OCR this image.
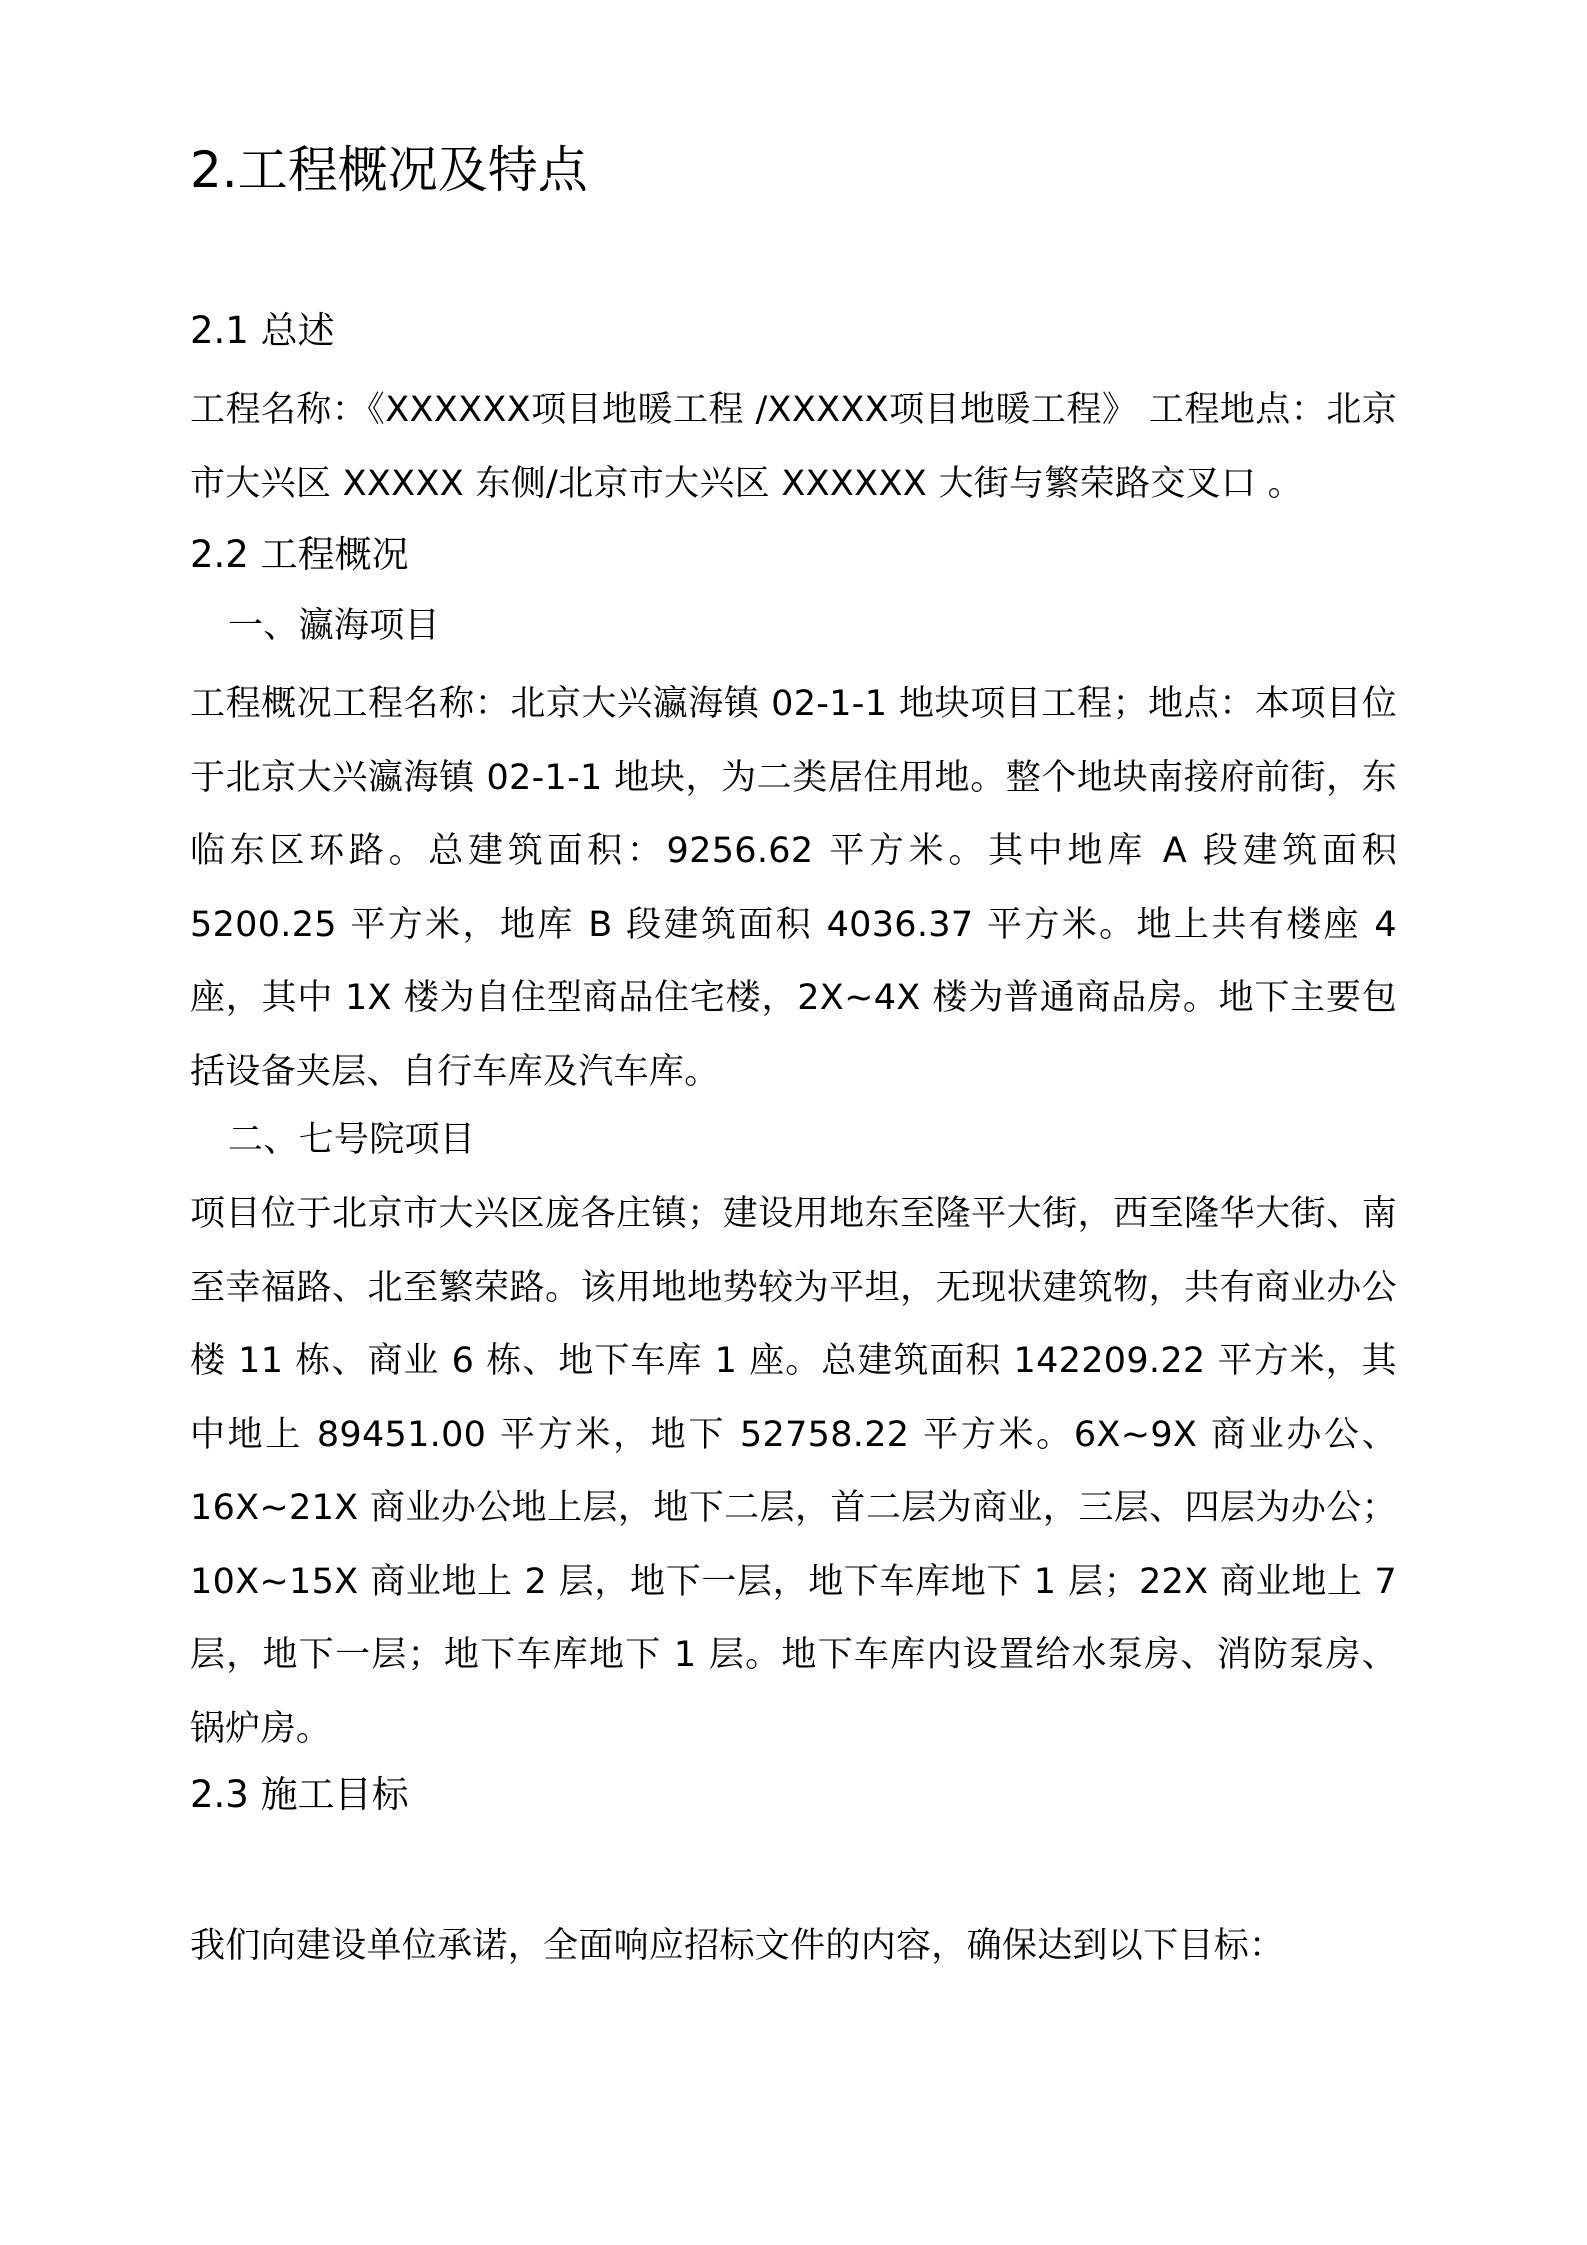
2.工程概况及特点
2.1 总述

工程名称：《XXXXXX项目地暖工程 /XXXXX项目地暖工程》 工程地点：北京市大兴区 XXXXX 东侧/北京市大兴区 XXXXXX 大街与繁荣路交叉口 。

2.2 工程概况

一、瀛海项目

工程概况工程名称：北京大兴瀛海镇 02-1-1 地块项目工程；地点：本项目位于北京大兴瀛海镇 02-1-1 地块，为二类居住用地。整个地块南接府前街，东临东区环路。总建筑面积：9256.62 平方米。其中地库 A 段建筑面积 5200.25 平方米，地库 B 段建筑面积 4036.37 平方米。地上共有楼座 4 座，其中 1X 楼为自住型商品住宅楼，2X~4X 楼为普通商品房。地下主要包括设备夹层、自行车库及汽车库。

二、七号院项目

项目位于北京市大兴区庞各庄镇；建设用地东至隆平大街，西至隆华大街、南至幸福路、北至繁荣路。该用地地势较为平坦，无现状建筑物，共有商业办公楼 11 栋、商业 6 栋、地下车库 1 座。总建筑面积 142209.22 平方米，其中地上 89451.00 平方米，地下 52758.22 平方米。6X~9X 商业办公、16X~21X 商业办公地上层，地下二层，首二层为商业，三层、四层为办公；10X~15X 商业地上 2 层，地下一层，地下车库地下 1 层；22X 商业地上 7 层，地下一层；地下车库地下 1 层。地下车库内设置给水泵房、消防泵房、锅炉房。

2.3 施工目标

我们向建设单位承诺，全面响应招标文件的内容，确保达到以下目标：
